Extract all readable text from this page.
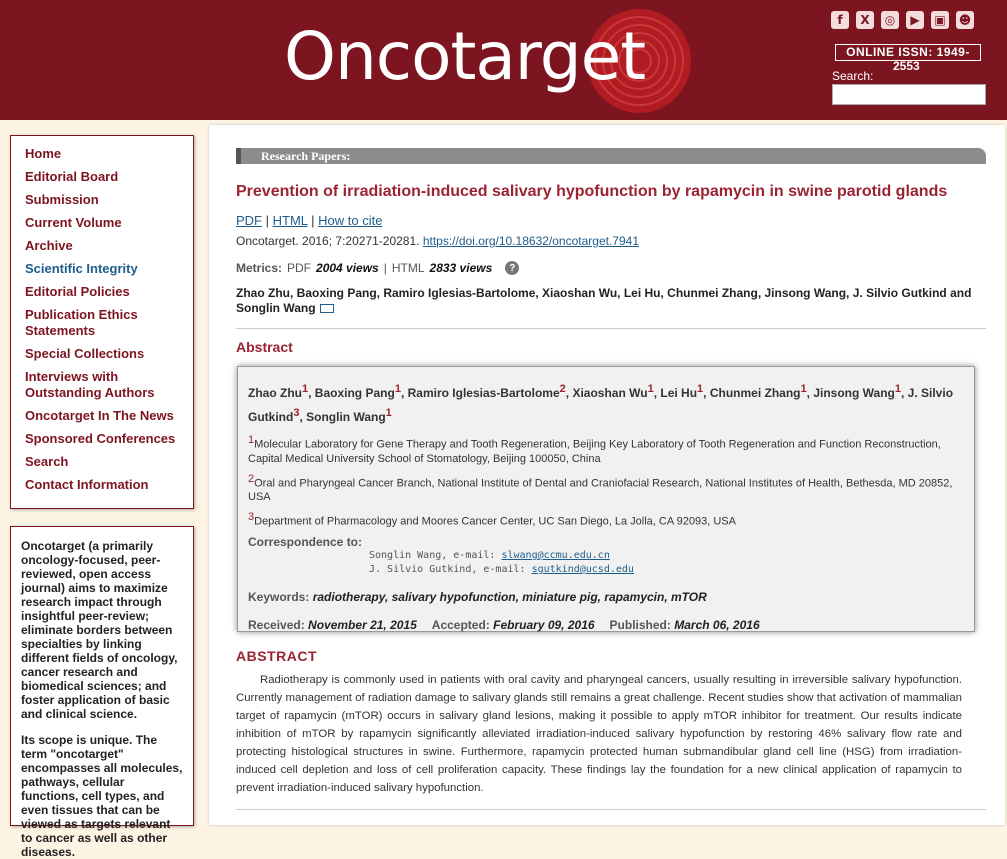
Oncotarget	f	X	◎	▶	▣ ☻
ONLINE ISSN: 1949-
2553
Search:
Home
Editorial Board
Submission
Current Volume
Archive
Scientific Integrity
Editorial Policies
Publication Ethics Statements
Special Collections
Interviews with Outstanding Authors
Oncotarget In The News
Sponsored Conferences
Search
Contact Information

Oncotarget (a primarily oncology-focused, peer-reviewed, open access journal) aims to maximize research impact through insightful peer-review; eliminate borders between specialties by linking different fields of oncology, cancer research and biomedical sciences; and foster application of basic and clinical science.

Its scope is unique. The term "oncotarget" encompasses all molecules, pathways, cellular functions, cell types, and even tissues that can be viewed as targets relevant to cancer as well as other diseases.

Research Papers:
Prevention of irradiation-induced salivary hypofunction by rapamycin in swine parotid glands
PDF | HTML | How to cite
Oncotarget. 2016; 7:20271-20281. https://doi.org/10.18632/oncotarget.7941
Metrics: PDF 2004 views | HTML 2833 views	?
Zhao Zhu, Baoxing Pang, Ramiro Iglesias-Bartolome, Xiaoshan Wu, Lei Hu, Chunmei Zhang, Jinsong Wang, J. Silvio Gutkind and Songlin Wang
Abstract
Zhao Zhu$^1$, Baoxing Pang$^1$, Ramiro Iglesias-Bartolome$^2$, Xiaoshan Wu$^1$, Lei Hu$^1$, Chunmei Zhang$^1$, Jinsong Wang$^1$, J. Silvio Gutkind$^3$, Songlin Wang$^1$
$^1$Molecular Laboratory for Gene Therapy and Tooth Regeneration, Beijing Key Laboratory of Tooth Regeneration and Function Reconstruction, Capital Medical University School of Stomatology, Beijing 100050, China
$^2$Oral and Pharyngeal Cancer Branch, National Institute of Dental and Craniofacial Research, National Institutes of Health, Bethesda, MD 20852, USA
$^3$Department of Pharmacology and Moores Cancer Center, UC San Diego, La Jolla, CA 92093, USA
Correspondence to:
Songlin Wang, e-mail: slwang@ccmu.edu.cn
J. Silvio Gutkind, e-mail: sgutkind@ucsd.edu
Keywords: radiotherapy, salivary hypofunction, miniature pig, rapamycin, mTOR
Received: November 21, 2015 Accepted: February 09, 2016 Published: March 06, 2016
ABSTRACT
Radiotherapy is commonly used in patients with oral cavity and pharyngeal cancers, usually resulting in irreversible salivary hypofunction. Currently management of radiation damage to salivary glands still remains a great challenge. Recent studies show that activation of mammalian target of rapamycin (mTOR) occurs in salivary gland lesions, making it possible to apply mTOR inhibitor for treatment. Our results indicate inhibition of mTOR by rapamycin significantly alleviated irradiation-induced salivary hypofunction by restoring 46% salivary flow rate and protecting histological structures in swine. Furthermore, rapamycin protected human submandibular gland cell line (HSG) from irradiation-induced cell depletion and loss of cell proliferation capacity. These findings lay the foundation for a new clinical application of rapamycin to prevent irradiation-induced salivary hypofunction.
